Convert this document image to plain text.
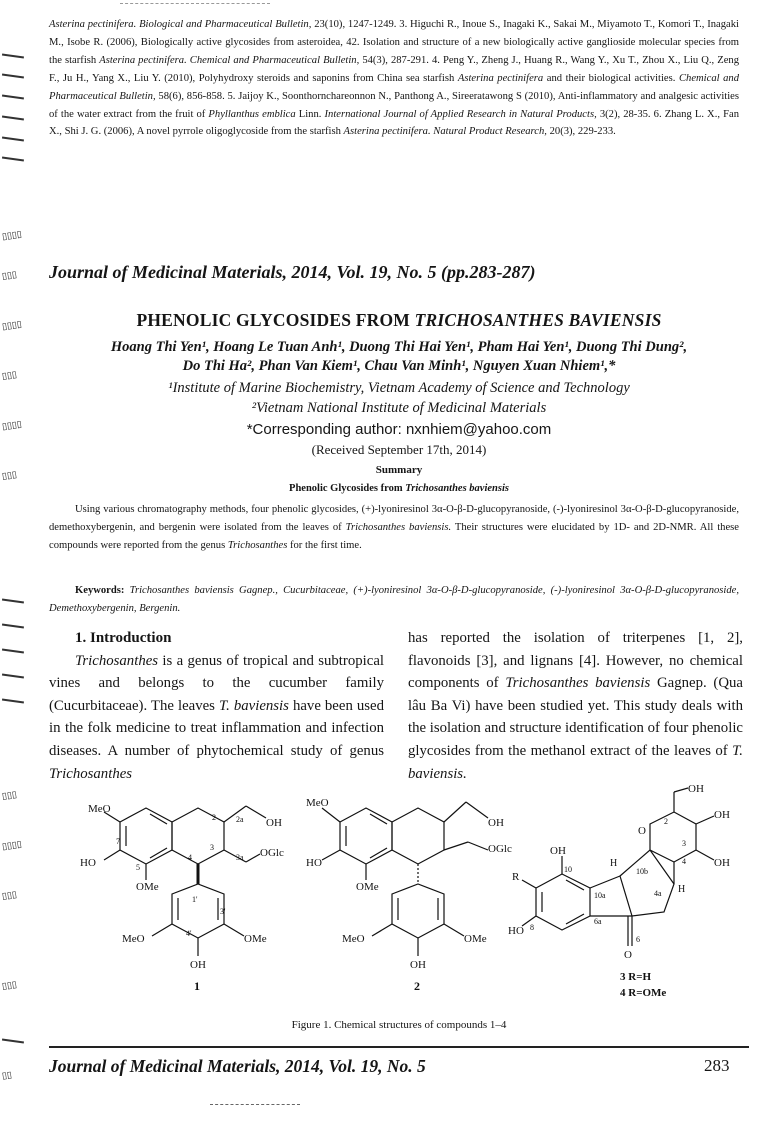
▯▯▯▯
▯▯▯
▯▯▯▯
▯▯▯
▯▯▯▯
▯▯▯
▯▯▯
▯▯▯▯
▯▯▯
▯▯▯
▯▯

Asterina pectinifera. Biological and Pharmaceutical Bulletin, 23(10), 1247-1249. 3. Higuchi R., Inoue S., Inagaki K., Sakai M., Miyamoto T., Komori T., Inagaki M., Isobe R. (2006), Biologically active glycosides from asteroidea, 42. Isolation and structure of a new biologically active ganglioside molecular species from the starfish Asterina pectinifera. Chemical and Pharmaceutical Bulletin, 54(3), 287-291. 4. Peng Y., Zheng J., Huang R., Wang Y., Xu T., Zhou X., Liu Q., Zeng F., Ju H., Yang X., Liu Y. (2010), Polyhydroxy steroids and saponins from China sea starfish Asterina pectinifera and their biological activities. Chemical and Pharmaceutical Bulletin, 58(6), 856-858. 5. Jaijoy K., Soonthornchareonnon N., Panthong A., Sireeratawong S (2010), Anti-inflammatory and analgesic activities of the water extract from the fruit of Phyllanthus emblica Linn. International Journal of Applied Research in Natural Products, 3(2), 28-35. 6. Zhang L. X., Fan X., Shi J. G. (2006), A novel pyrrole oligoglycoside from the starfish Asterina pectinifera. Natural Product Research, 20(3), 229-233.

Journal of Medicinal Materials, 2014, Vol. 19, No. 5 (pp.283-287)
PHENOLIC GLYCOSIDES FROM TRICHOSANTHES BAVIENSIS
Hoang Thi Yen¹, Hoang Le Tuan Anh¹, Duong Thi Hai Yen¹, Pham Hai Yen¹, Duong Thi Dung²,
Do Thi Ha², Phan Van Kiem¹, Chau Van Minh¹, Nguyen Xuan Nhiem¹,*
¹Institute of Marine Biochemistry, Vietnam Academy of Science and Technology
²Vietnam National Institute of Medicinal Materials
*Corresponding author: nxnhiem@yahoo.com
(Received September 17th, 2014)
Summary
Phenolic Glycosides from Trichosanthes baviensis

Using various chromatography methods, four phenolic glycosides, (+)-lyoniresinol 3α-O-β-D-glucopyranoside, (-)-lyoniresinol 3α-O-β-D-glucopyranoside, demethoxybergenin, and bergenin were isolated from the leaves of Trichosanthes baviensis. Their structures were elucidated by 1D- and 2D-NMR. All these compounds were reported from the genus Trichosanthes for the first time.

Keywords: Trichosanthes baviensis Gagnep., Cucurbitaceae, (+)-lyoniresinol 3α-O-β-D-glucopyranoside, (-)-lyoniresinol 3α-O-β-D-glucopyranoside, Demethoxybergenin, Bergenin.

1. Introduction

Trichosanthes is a genus of tropical and subtropical vines and belongs to the cucumber family (Cucurbitaceae). The leaves T. baviensis have been used in the folk medicine to treat inflammation and infection diseases. A number of phytochemical study of genus Trichosanthes

has reported the isolation of triterpenes [1, 2], flavonoids [3], and lignans [4]. However, no chemical components of Trichosanthes baviensis Gagnep. (Qua lâu Ba Vi) have been studied yet. This study deals with the isolation and structure identification of four phenolic glycosides from the methanol extract of the leaves of T. baviensis.

MeO
HO
OMe
OH
OGlc
2a
3a
2
3
4
7
5
1'
3'
4'
MeO	OMe
OH
1
MeO
HO
OMe
OH
OGlc
MeO	OMe
OH
2
OH
O
OH
OH
OH
R
HO
H
H
O
2
3
4
10b
4a
10a
10
6a
8
6
3 R=H
4 R=OMe
Figure 1. Chemical structures of compounds 1–4
Journal of Medicinal Materials, 2014, Vol. 19, No. 5	283
